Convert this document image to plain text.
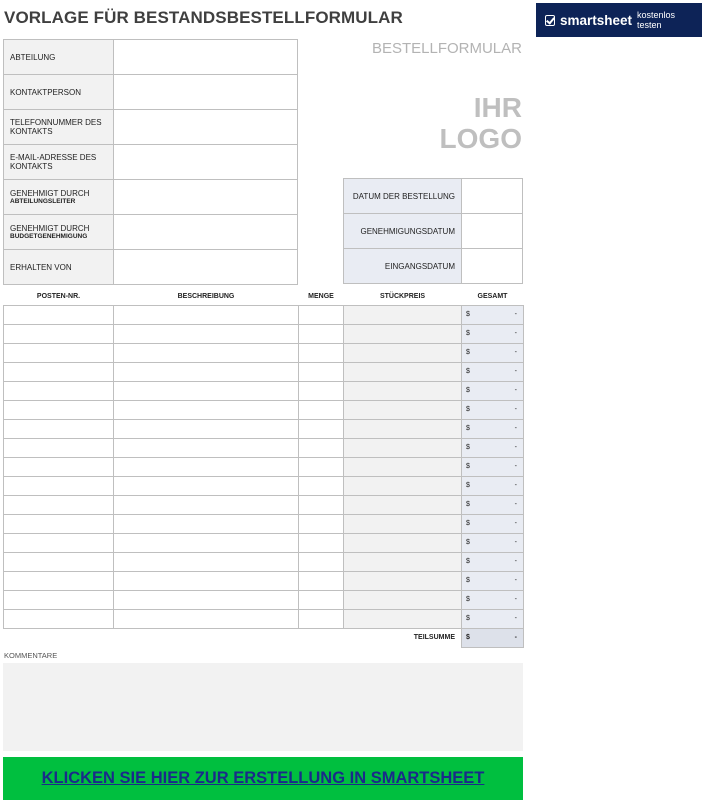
VORLAGE FÜR BESTANDSBESTELLFORMULAR	smartsheet kostenlos testen
ABTEILUNG	
KONTAKTPERSON	
TELEFONNUMMER DES KONTAKTS	
E-MAIL-ADRESSE DES KONTAKTS	
GENEHMIGT DURCH
ABTEILUNGSLEITER	

GENEHMIGT DURCH
BUDGETGENEHMIGUNG	

ERHALTEN VON	
BESTELLFORMULAR
IHR
LOGO
DATUM DER BESTELLUNG	
GENEHMIGUNGSDATUM	
EINGANGSDATUM	
POSTEN-NR.	BESCHREIBUNG	MENGE	STÜCKPREIS	GESAMT

				$ -

				$ -

				$ -

				$ -

				$ -

				$ -

				$ -

				$ -

				$ -

				$ -

				$ -

				$ -

				$ -

				$ -

				$ -

				$ -

				$ -

TEILSUMME				$ -
KOMMENTARE
KLICKEN SIE HIER ZUR ERSTELLUNG IN SMARTSHEET
